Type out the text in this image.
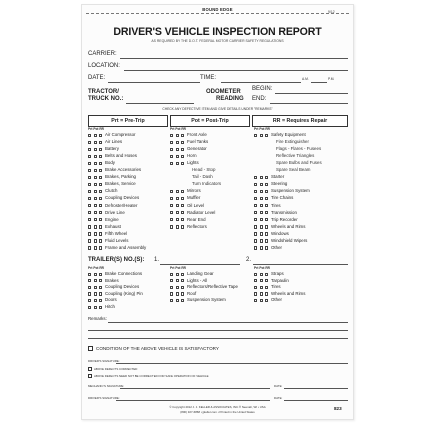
BOUND EDGE	9/12
DRIVER'S VEHICLE INSPECTION REPORT
AS REQUIRED BY THE D.O.T. FEDERAL MOTOR CARRIER SAFETY REGULATIONS
CARRIER:
LOCATION:
DATE:	TIME:	A.M.	P.M.
TRACTOR/
TRUCK NO.:
ODOMETER
READING
BEGIN:
END:
CHECK ANY DEFECTIVE ITEM AND GIVE DETAILS UNDER "REMARKS"
Prt = Pre-Trip	Pot = Post-Trip	RR = Requires Repair
Prt Pot RR	Prt Pot RR	Prt Pot RR
Air Compressor
Air Lines
Battery
Belts and Hoses
Body
Brake Accessories
Brakes, Parking
Brakes, Service
Clutch
Coupling Devices
Defroster/Heater
Drive Line
Engine
Exhaust
Fifth Wheel
Fluid Levels
Frame and Assembly
Front Axle
Fuel Tanks
Generator
Horn
Lights
Head - Stop
Tail - Dash
Turn Indicators
Mirrors
Muffler
Oil Level
Radiator Level
Rear End
Reflectors
Safety Equipment
Fire Extinguisher
Flags - Flares - Fusees
Reflective Triangles
Spare Bulbs and Fuses
Spare Seal Beam
Starter
Steering
Suspension System
Tire Chains
Tires
Transmission
Trip Recorder
Wheels and Rims
Windows
Windshield Wipers
Other
TRAILER(S) NO.(S): 1.	2.
Prt Pot RR	Prt Pot RR	Prt Pot RR
Brake Connections
Brakes
Coupling Devices
Coupling (King) Pin
Doors
Hitch
Landing Gear
Lights - All
Reflectors/Reflective Tape
Roof
Suspension System
Straps
Tarpaulin
Tires
Wheels and Rims
Other
Remarks:
CONDITION OF THE ABOVE VEHICLE IS SATISFACTORY
DRIVER'S SIGNATURE:
ABOVE DEFECTS CORRECTED
ABOVE DEFECTS NEED NOT BE CORRECTED FOR SAFE OPERATION OF VEHICLE
MECHANIC'S SIGNATURE:	DATE:
DRIVER'S SIGNATURE:	DATE:
© Copyright 2012 J. J. KELLER & ASSOCIATES, INC.® Neenah, WI • USA
(800) 327-6868 • jjkeller.com • Printed in the United States
823
